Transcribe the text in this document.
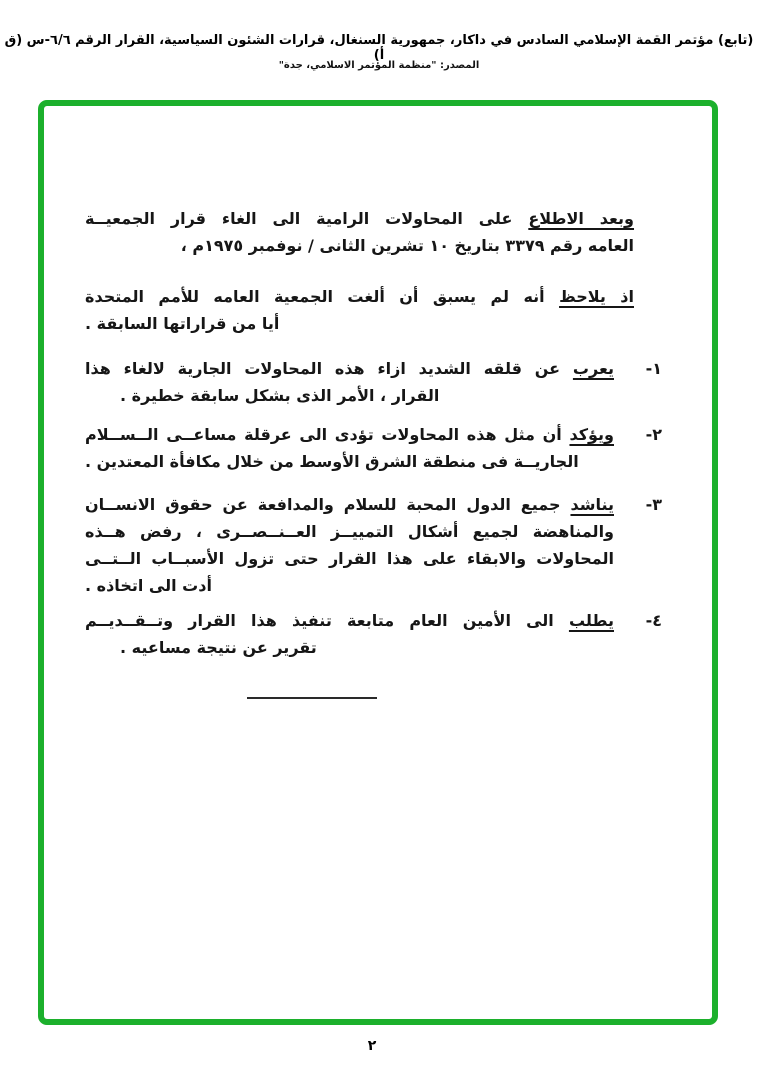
(تابع) مؤتمر القمة الإسلامي السادس في داكار، جمهورية السنغال، قرارات الشئون السياسية، القرار الرقم ٦/٦-س (ق أ)
المصدر: "منظمة المؤتمر الاسلامي، جدة"
وبعد الاطلاع على المحاولات الرامية الى الغاء قرار الجمعيــة
العامه رقم ٣٣٧٩ بتاريخ ١٠ تشرين الثانى / نوفمبر ١٩٧٥م ،
اذ يلاحظ أنه لم يسبق أن ألغت الجمعية العامه للأمم المتحدة
أيا من قراراتها السابقة .
١-
يعرب عن قلقه الشديد ازاء هذه المحاولات الجارية لالغاء هذا
القرار ، الأمر الذى بشكل سابقة خطيرة .
٢-
ويؤكد أن مثل هذه المحاولات تؤدى الى عرقلة مساعــى الــســلام
الجاريــة فى منطقة الشرق الأوسط من خلال مكافأة المعتدين .
٣-
يناشد جميع الدول المحبة للسلام والمدافعة عن حقوق الانســان
والمناهضة لجميع أشكال التمييــز العــنــصــرى ، رفض هــذه
المحاولات والابقاء على هذا القرار حتى تزول الأسبــاب الــتــى
أدت الى اتخاذه .
٤-
يطلب الى الأمين العام متابعة تنفيذ هذا القرار وتــقــديــم
تقرير عن نتيجة مساعيه .
٢
